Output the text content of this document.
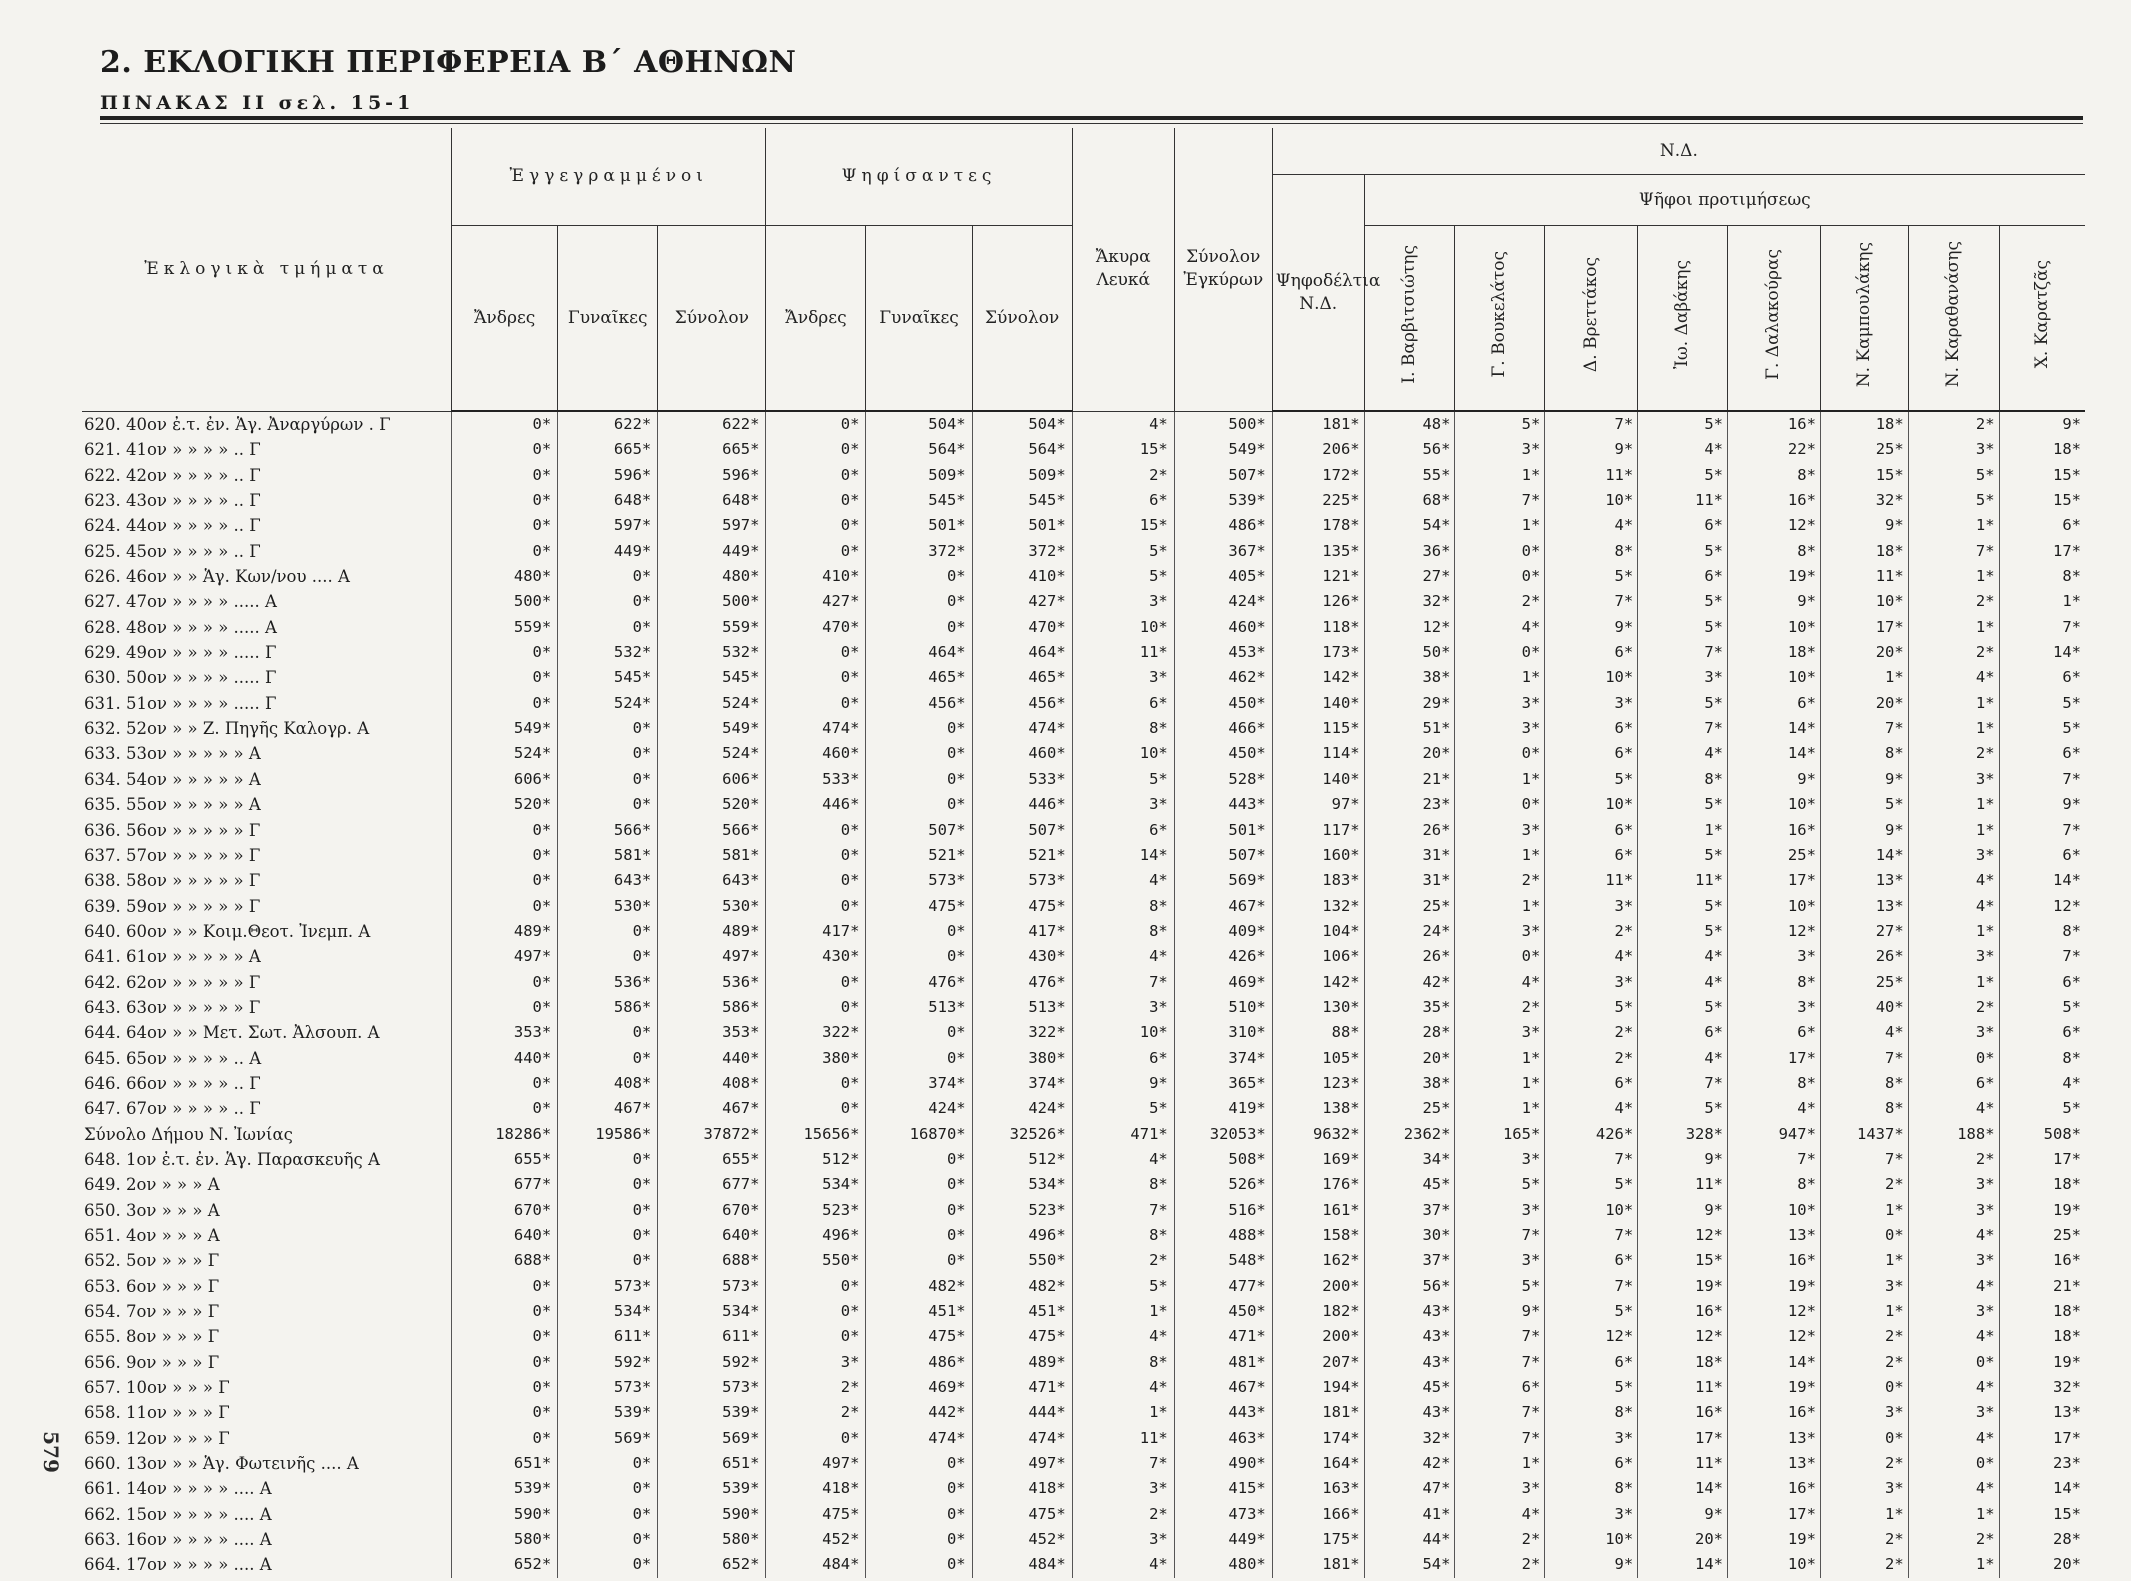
579
2. ΕΚΛΟΓΙΚΗ ΠΕΡΙΦΕΡΕΙΑ Β΄ ΑΘΗΝΩΝ
ΠΙΝΑΚΑΣ ΙΙ σελ. 15-1
Ἐκλογικὰ τμήματα	Ἐγγεγραμμένοι			Ψηφίσαντες			Ἄκυρα Λευκά	Σύνολον Ἐγκύρων	Ν.Δ.								
									Ψηφοδέλτια Ν.Δ.	Ψῆφοι προτιμήσεως							
	Ἄνδρες	Γυναῖκες	Σύνολον	Ἄνδρες	Γυναῖκες	Σύνολον				Ι. Βαρβιτσιώτης	Γ. Βουκελάτος	Δ. Βρεττάκος	Ἰω. Δαβάκης	Γ. Δαλακούρας	Ν. Καμπουλάκης	Ν. Καραθανάσης	Χ. Καρατζᾶς
620. 40ον ἐ.τ. ἐν. Ἁγ. Ἀναργύρων . Γ	0*	622*	622*	0*	504*	504*	4*	500*	181*	48*	5*	7*	5*	16*	18*	2*	9*
621. 41ον » » » » .. Γ	0*	665*	665*	0*	564*	564*	15*	549*	206*	56*	3*	9*	4*	22*	25*	3*	18*
622. 42ον » » » » .. Γ	0*	596*	596*	0*	509*	509*	2*	507*	172*	55*	1*	11*	5*	8*	15*	5*	15*
623. 43ον » » » » .. Γ	0*	648*	648*	0*	545*	545*	6*	539*	225*	68*	7*	10*	11*	16*	32*	5*	15*
624. 44ον » » » » .. Γ	0*	597*	597*	0*	501*	501*	15*	486*	178*	54*	1*	4*	6*	12*	9*	1*	6*
625. 45ον » » » » .. Γ	0*	449*	449*	0*	372*	372*	5*	367*	135*	36*	0*	8*	5*	8*	18*	7*	17*
626. 46ον » » Ἁγ. Κων/νου .... Α	480*	0*	480*	410*	0*	410*	5*	405*	121*	27*	0*	5*	6*	19*	11*	1*	8*
627. 47ον » » » » ..... Α	500*	0*	500*	427*	0*	427*	3*	424*	126*	32*	2*	7*	5*	9*	10*	2*	1*
628. 48ον » » » » ..... Α	559*	0*	559*	470*	0*	470*	10*	460*	118*	12*	4*	9*	5*	10*	17*	1*	7*
629. 49ον » » » » ..... Γ	0*	532*	532*	0*	464*	464*	11*	453*	173*	50*	0*	6*	7*	18*	20*	2*	14*
630. 50ον » » » » ..... Γ	0*	545*	545*	0*	465*	465*	3*	462*	142*	38*	1*	10*	3*	10*	1*	4*	6*
631. 51ον » » » » ..... Γ	0*	524*	524*	0*	456*	456*	6*	450*	140*	29*	3*	3*	5*	6*	20*	1*	5*
632. 52ον » » Ζ. Πηγῆς Καλογρ. Α	549*	0*	549*	474*	0*	474*	8*	466*	115*	51*	3*	6*	7*	14*	7*	1*	5*
633. 53ον » » » » » Α	524*	0*	524*	460*	0*	460*	10*	450*	114*	20*	0*	6*	4*	14*	8*	2*	6*
634. 54ον » » » » » Α	606*	0*	606*	533*	0*	533*	5*	528*	140*	21*	1*	5*	8*	9*	9*	3*	7*
635. 55ον » » » » » Α	520*	0*	520*	446*	0*	446*	3*	443*	97*	23*	0*	10*	5*	10*	5*	1*	9*
636. 56ον » » » » » Γ	0*	566*	566*	0*	507*	507*	6*	501*	117*	26*	3*	6*	1*	16*	9*	1*	7*
637. 57ον » » » » » Γ	0*	581*	581*	0*	521*	521*	14*	507*	160*	31*	1*	6*	5*	25*	14*	3*	6*
638. 58ον » » » » » Γ	0*	643*	643*	0*	573*	573*	4*	569*	183*	31*	2*	11*	11*	17*	13*	4*	14*
639. 59ον » » » » » Γ	0*	530*	530*	0*	475*	475*	8*	467*	132*	25*	1*	3*	5*	10*	13*	4*	12*
640. 60ον » » Κοιμ.Θεοτ. Ἰνεμπ. Α	489*	0*	489*	417*	0*	417*	8*	409*	104*	24*	3*	2*	5*	12*	27*	1*	8*
641. 61ον » » » » » Α	497*	0*	497*	430*	0*	430*	4*	426*	106*	26*	0*	4*	4*	3*	26*	3*	7*
642. 62ον » » » » » Γ	0*	536*	536*	0*	476*	476*	7*	469*	142*	42*	4*	3*	4*	8*	25*	1*	6*
643. 63ον » » » » » Γ	0*	586*	586*	0*	513*	513*	3*	510*	130*	35*	2*	5*	5*	3*	40*	2*	5*
644. 64ον » » Μετ. Σωτ. Ἀλσουπ. Α	353*	0*	353*	322*	0*	322*	10*	310*	88*	28*	3*	2*	6*	6*	4*	3*	6*
645. 65ον » » » » .. Α	440*	0*	440*	380*	0*	380*	6*	374*	105*	20*	1*	2*	4*	17*	7*	0*	8*
646. 66ον » » » » .. Γ	0*	408*	408*	0*	374*	374*	9*	365*	123*	38*	1*	6*	7*	8*	8*	6*	4*
647. 67ον » » » » .. Γ	0*	467*	467*	0*	424*	424*	5*	419*	138*	25*	1*	4*	5*	4*	8*	4*	5*
Σύνολο Δήμου Ν. Ἰωνίας	18286*	19586*	37872*	15656*	16870*	32526*	471*	32053*	9632*	2362*	165*	426*	328*	947*	1437*	188*	508*
648. 1ον ἐ.τ. ἐν. Ἁγ. Παρασκευῆς Α	655*	0*	655*	512*	0*	512*	4*	508*	169*	34*	3*	7*	9*	7*	7*	2*	17*
649. 2ον » » » Α	677*	0*	677*	534*	0*	534*	8*	526*	176*	45*	5*	5*	11*	8*	2*	3*	18*
650. 3ον » » » Α	670*	0*	670*	523*	0*	523*	7*	516*	161*	37*	3*	10*	9*	10*	1*	3*	19*
651. 4ον » » » Α	640*	0*	640*	496*	0*	496*	8*	488*	158*	30*	7*	7*	12*	13*	0*	4*	25*
652. 5ον » » » Γ	688*	0*	688*	550*	0*	550*	2*	548*	162*	37*	3*	6*	15*	16*	1*	3*	16*
653. 6ον » » » Γ	0*	573*	573*	0*	482*	482*	5*	477*	200*	56*	5*	7*	19*	19*	3*	4*	21*
654. 7ον » » » Γ	0*	534*	534*	0*	451*	451*	1*	450*	182*	43*	9*	5*	16*	12*	1*	3*	18*
655. 8ον » » » Γ	0*	611*	611*	0*	475*	475*	4*	471*	200*	43*	7*	12*	12*	12*	2*	4*	18*
656. 9ον » » » Γ	0*	592*	592*	3*	486*	489*	8*	481*	207*	43*	7*	6*	18*	14*	2*	0*	19*
657. 10ον » » » Γ	0*	573*	573*	2*	469*	471*	4*	467*	194*	45*	6*	5*	11*	19*	0*	4*	32*
658. 11ον » » » Γ	0*	539*	539*	2*	442*	444*	1*	443*	181*	43*	7*	8*	16*	16*	3*	3*	13*
659. 12ον » » » Γ	0*	569*	569*	0*	474*	474*	11*	463*	174*	32*	7*	3*	17*	13*	0*	4*	17*
660. 13ον » » Ἁγ. Φωτεινῆς .... Α	651*	0*	651*	497*	0*	497*	7*	490*	164*	42*	1*	6*	11*	13*	2*	0*	23*
661. 14ον » » » » .... Α	539*	0*	539*	418*	0*	418*	3*	415*	163*	47*	3*	8*	14*	16*	3*	4*	14*
662. 15ον » » » » .... Α	590*	0*	590*	475*	0*	475*	2*	473*	166*	41*	4*	3*	9*	17*	1*	1*	15*
663. 16ον » » » » .... Α	580*	0*	580*	452*	0*	452*	3*	449*	175*	44*	2*	10*	20*	19*	2*	2*	28*
664. 17ον » » » » .... Α	652*	0*	652*	484*	0*	484*	4*	480*	181*	54*	2*	9*	14*	10*	2*	1*	20*
